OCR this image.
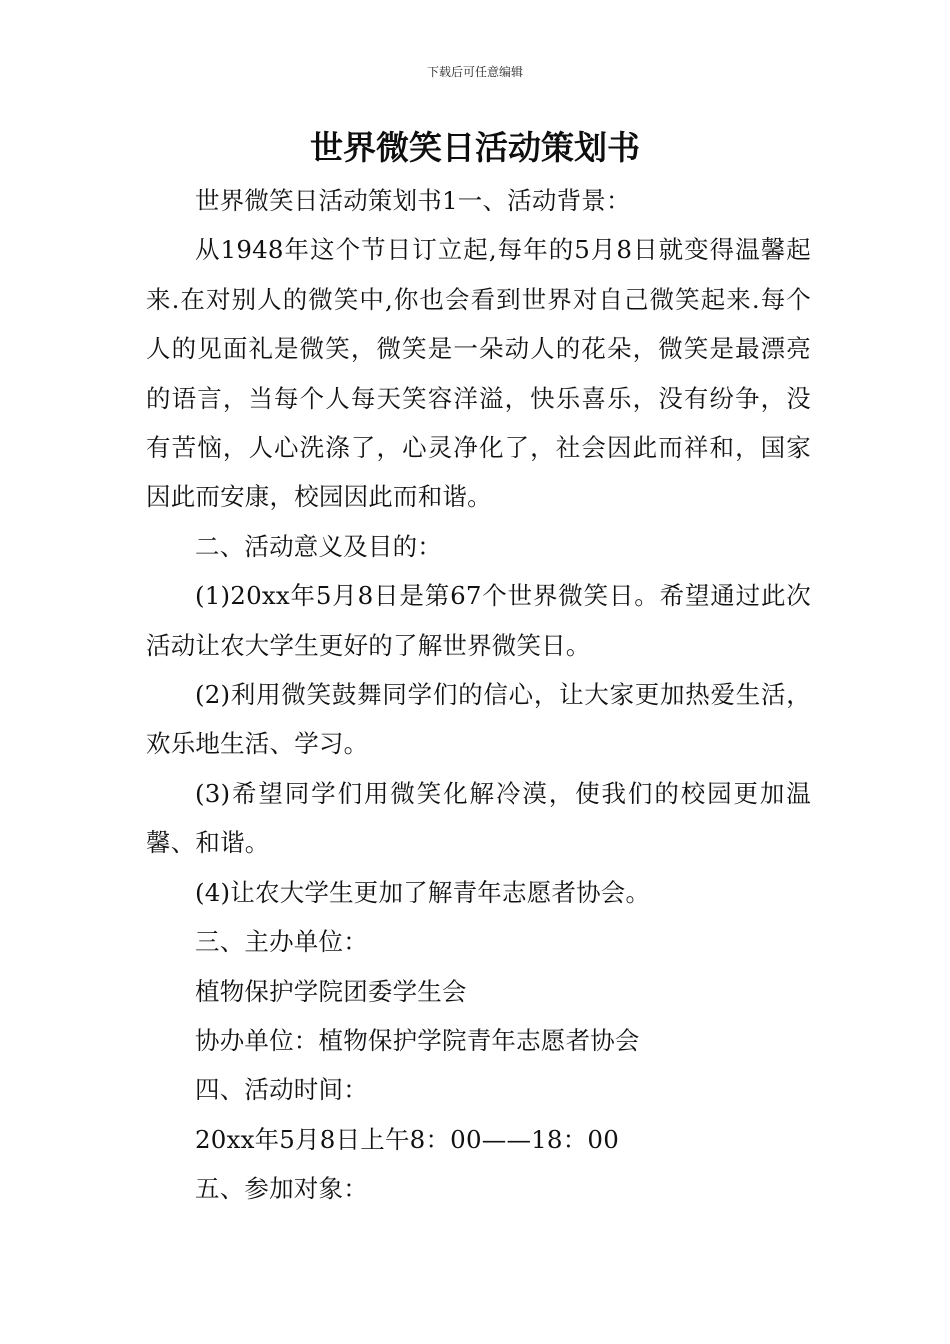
下载后可任意编辑
世界微笑日活动策划书

世界微笑日活动策划书1一、活动背景：

从1948年这个节日订立起,每年的5月8日就变得温馨起来.在对别人的微笑中,你也会看到世界对自己微笑起来.每个人的见面礼是微笑，微笑是一朵动人的花朵，微笑是最漂亮的语言，当每个人每天笑容洋溢，快乐喜乐，没有纷争，没有苦恼，人心洗涤了，心灵净化了，社会因此而祥和，国家因此而安康，校园因此而和谐。

二、活动意义及目的：

(1)20xx年5月8日是第67个世界微笑日。希望通过此次活动让农大学生更好的了解世界微笑日。

(2)利用微笑鼓舞同学们的信心，让大家更加热爱生活，欢乐地生活、学习。

(3)希望同学们用微笑化解冷漠，使我们的校园更加温馨、和谐。

(4)让农大学生更加了解青年志愿者协会。

三、主办单位：

植物保护学院团委学生会

协办单位：植物保护学院青年志愿者协会

四、活动时间：

20xx年5月8日上午8：00——18：00

五、参加对象：
